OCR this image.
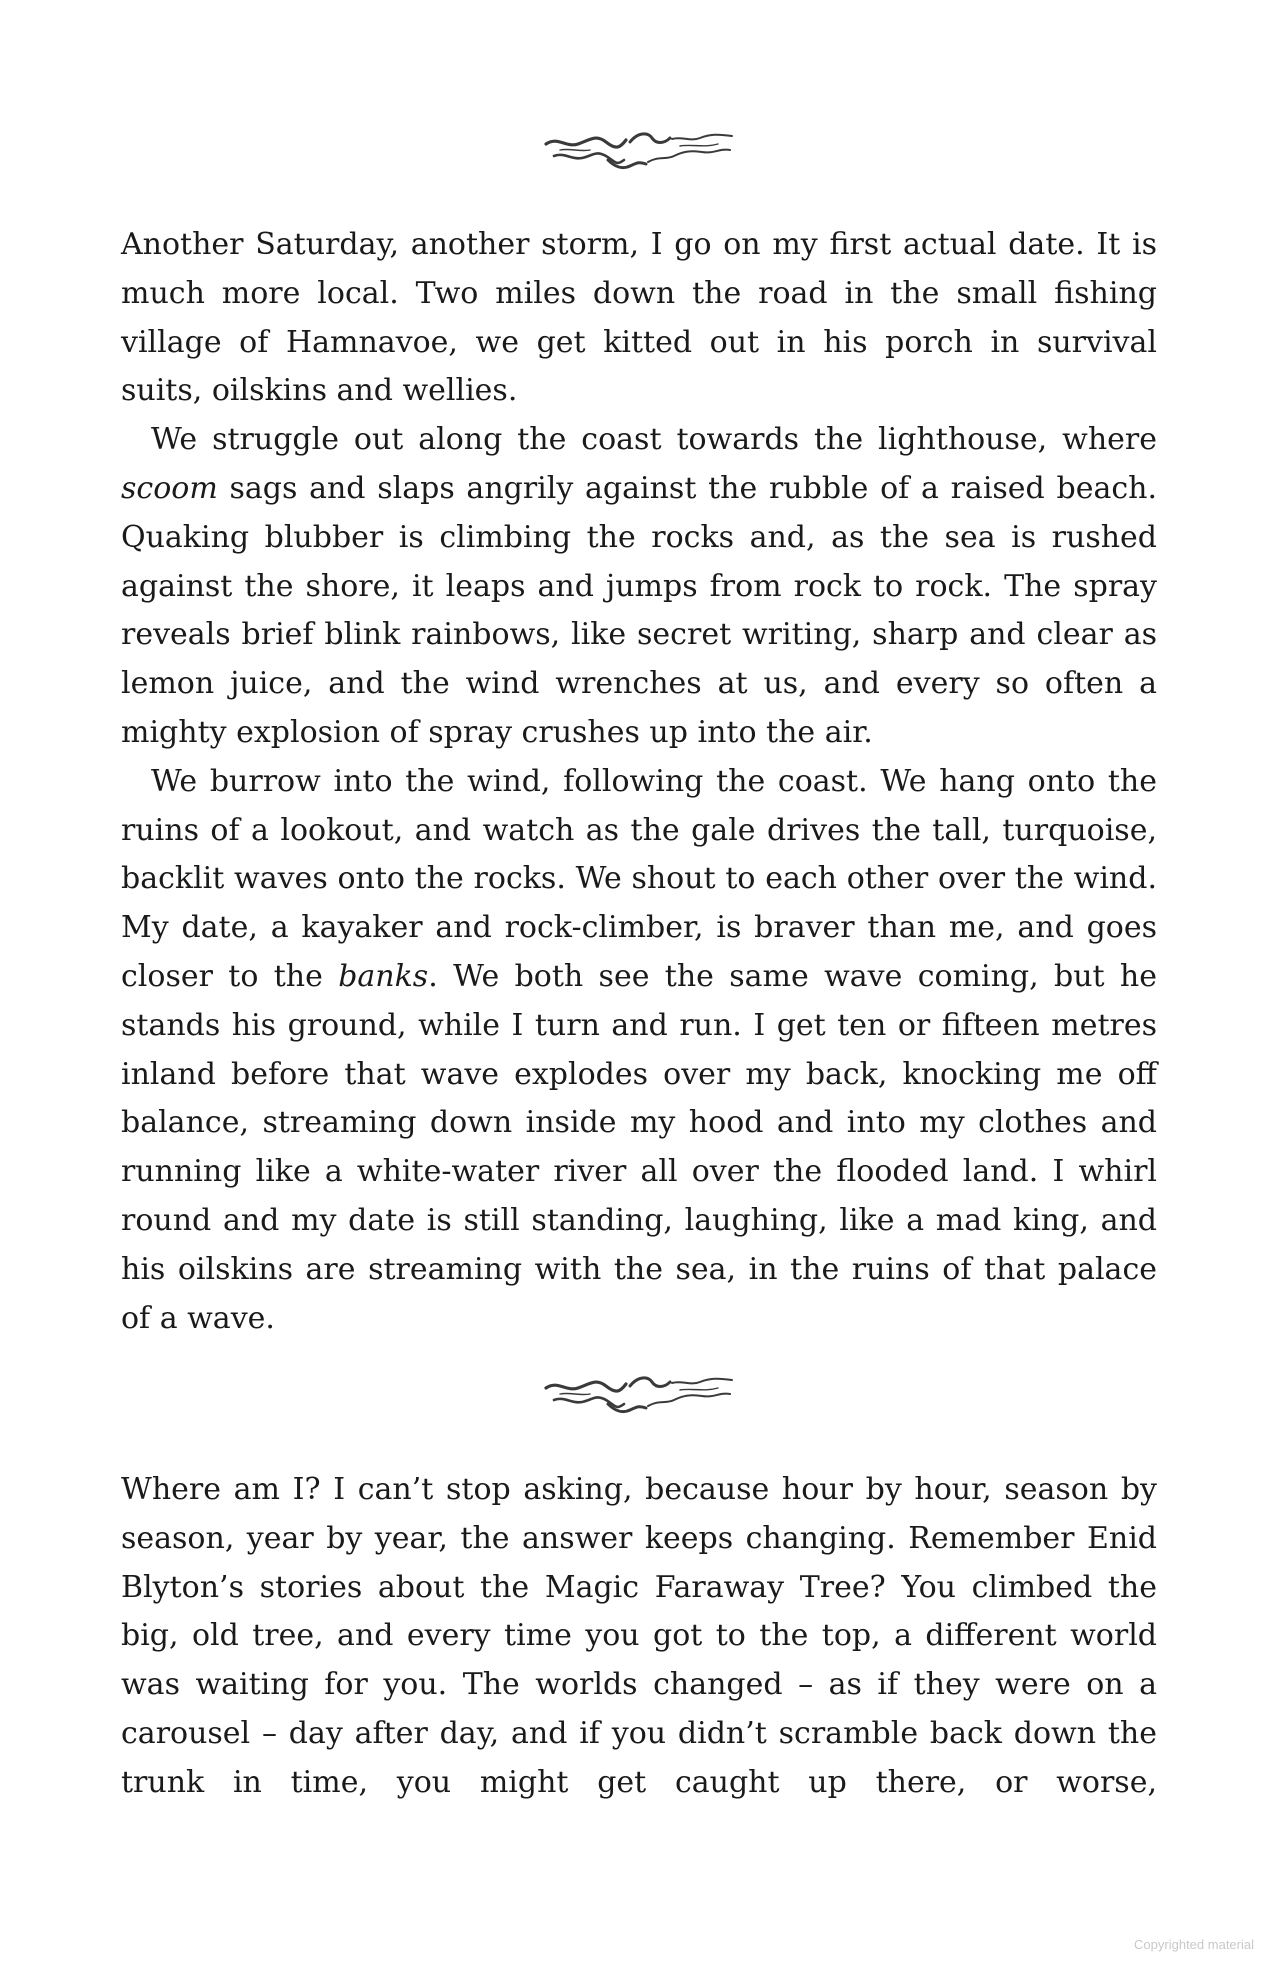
Another Saturday, another storm, I go on my first actual date. It is much more local. Two miles down the road in the small fishing village of Hamnavoe, we get kitted out in his porch in survival suits, oilskins and wellies.

We struggle out along the coast towards the lighthouse, where scoom sags and slaps angrily against the rubble of a raised beach. Quaking blubber is climbing the rocks and, as the sea is rushed against the shore, it leaps and jumps from rock to rock. The spray reveals brief blink rainbows, like secret writing, sharp and clear as lemon juice, and the wind wrenches at us, and every so often a mighty explosion of spray crushes up into the air.

We burrow into the wind, following the coast. We hang onto the ruins of a lookout, and watch as the gale drives the tall, turquoise, backlit waves onto the rocks. We shout to each other over the wind. My date, a kayaker and rock-climber, is braver than me, and goes closer to the banks. We both see the same wave coming, but he stands his ground, while I turn and run. I get ten or fifteen metres inland before that wave explodes over my back, knocking me off balance, streaming down inside my hood and into my clothes and running like a white-water river all over the flooded land. I whirl round and my date is still standing, laughing, like a mad king, and his oilskins are streaming with the sea, in the ruins of that palace of a wave.

Where am I? I can’t stop asking, because hour by hour, season by season, year by year, the answer keeps changing. Remember Enid Blyton’s stories about the Magic Faraway Tree? You climbed the big, old tree, and every time you got to the top, a different world was waiting for you. The worlds changed – as if they were on a carousel – day after day, and if you didn’t scramble back down the trunk in time, you might get caught up there, or worse,

Copyrighted material
